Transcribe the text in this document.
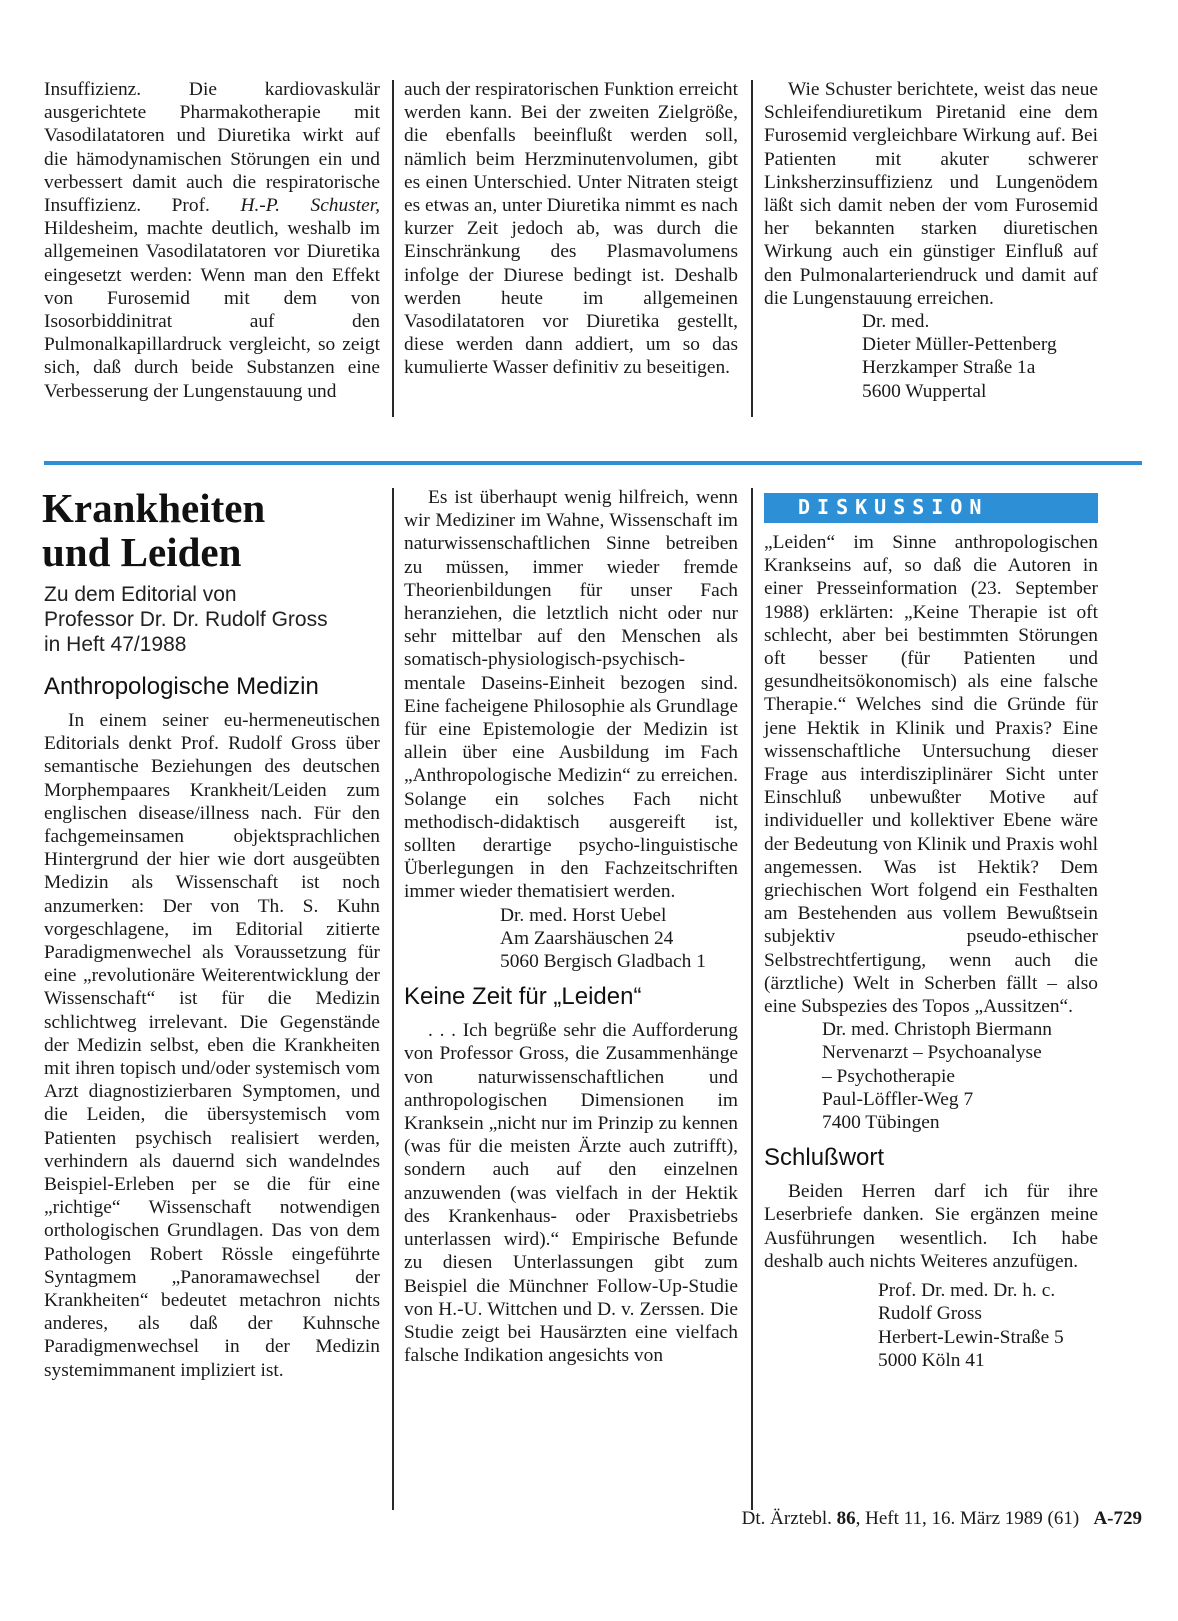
Insuffizienz. Die kardiovaskulär ausgerichtete Pharmakotherapie mit Vasodilatatoren und Diuretika wirkt auf die hämodynamischen Störungen ein und verbessert damit auch die respiratorische Insuffizienz. Prof. H.-P. Schuster, Hildesheim, machte deutlich, weshalb im allgemeinen Vasodilatatoren vor Diuretika eingesetzt werden: Wenn man den Effekt von Furosemid mit dem von Isosorbiddinitrat auf den Pulmonalkapillardruck vergleicht, so zeigt sich, daß durch beide Substanzen eine Verbesserung der Lungenstauung und
auch der respiratorischen Funktion erreicht werden kann. Bei der zweiten Zielgröße, die ebenfalls beeinflußt werden soll, nämlich beim Herzminutenvolumen, gibt es einen Unterschied. Unter Nitraten steigt es etwas an, unter Diuretika nimmt es nach kurzer Zeit jedoch ab, was durch die Einschränkung des Plasmavolumens infolge der Diurese bedingt ist. Deshalb werden heute im allgemeinen Vasodilatatoren vor Diuretika gestellt, diese werden dann addiert, um so das kumulierte Wasser definitiv zu beseitigen.
Wie Schuster berichtete, weist das neue Schleifendiuretikum Piretanid eine dem Furosemid vergleichbare Wirkung auf. Bei Patienten mit akuter schwerer Linksherzinsuffizienz und Lungenödem läßt sich damit neben der vom Furosemid her bekannten starken diuretischen Wirkung auch ein günstiger Einfluß auf den Pulmonalarteriendruck und damit auf die Lungenstauung erreichen.
Dr. med.
Dieter Müller-Pettenberg
Herzkamper Straße 1a
5600 Wuppertal
Krankheiten
und Leiden
Zu dem Editorial von
Professor Dr. Dr. Rudolf Gross
in Heft 47/1988
Anthropologische Medizin
In einem seiner eu-hermeneutischen Editorials denkt Prof. Rudolf Gross über semantische Beziehungen des deutschen Morphempaares Krankheit/Leiden zum englischen disease/illness nach. Für den fachgemeinsamen objektsprachlichen Hintergrund der hier wie dort ausgeübten Medizin als Wissenschaft ist noch anzumerken: Der von Th. S. Kuhn vorgeschlagene, im Editorial zitierte Paradigmenwechel als Voraussetzung für eine „revolutionäre Weiterentwicklung der Wissenschaft“ ist für die Medizin schlichtweg irrelevant. Die Gegenstände der Medizin selbst, eben die Krankheiten mit ihren topisch und/oder systemisch vom Arzt diagnostizierbaren Symptomen, und die Leiden, die übersystemisch vom Patienten psychisch realisiert werden, verhindern als dauernd sich wandelndes Beispiel-Erleben per se die für eine „richtige“ Wissenschaft notwendigen orthologischen Grundlagen. Das von dem Pathologen Robert Rössle eingeführte Syntagmem „Panoramawechsel der Krankheiten“ bedeutet metachron nichts anderes, als daß der Kuhnsche Paradigmenwechsel in der Medizin systemimmanent impliziert ist.
Es ist überhaupt wenig hilfreich, wenn wir Mediziner im Wahne, Wissenschaft im naturwissenschaftlichen Sinne betreiben zu müssen, immer wieder fremde Theorienbildungen für unser Fach heranziehen, die letztlich nicht oder nur sehr mittelbar auf den Menschen als somatisch-physiologisch-psychisch-mentale Daseins-Einheit bezogen sind. Eine facheigene Philosophie als Grundlage für eine Epistemologie der Medizin ist allein über eine Ausbildung im Fach „Anthropologische Medizin“ zu erreichen. Solange ein solches Fach nicht methodisch-didaktisch ausgereift ist, sollten derartige psycho-linguistische Überlegungen in den Fachzeitschriften immer wieder thematisiert werden.
Dr. med. Horst Uebel
Am Zaarshäuschen 24
5060 Bergisch Gladbach 1
Keine Zeit für „Leiden“
. . . Ich begrüße sehr die Aufforderung von Professor Gross, die Zusammenhänge von naturwissenschaftlichen und anthropologischen Dimensionen im Kranksein „nicht nur im Prinzip zu kennen (was für die meisten Ärzte auch zutrifft), sondern auch auf den einzelnen anzuwenden (was vielfach in der Hektik des Krankenhaus- oder Praxisbetriebs unterlassen wird).“ Empirische Befunde zu diesen Unterlassungen gibt zum Beispiel die Münchner Follow-Up-Studie von H.-U. Wittchen und D. v. Zerssen. Die Studie zeigt bei Hausärzten eine vielfach falsche Indikation angesichts von
DISKUSSION
„Leiden“ im Sinne anthropologischen Krankseins auf, so daß die Autoren in einer Presseinformation (23. September 1988) erklärten: „Keine Therapie ist oft schlecht, aber bei bestimmten Störungen oft besser (für Patienten und gesundheitsökonomisch) als eine falsche Therapie.“ Welches sind die Gründe für jene Hektik in Klinik und Praxis? Eine wissenschaftliche Untersuchung dieser Frage aus interdisziplinärer Sicht unter Einschluß unbewußter Motive auf individueller und kollektiver Ebene wäre der Bedeutung von Klinik und Praxis wohl angemessen. Was ist Hektik? Dem griechischen Wort folgend ein Festhalten am Bestehenden aus vollem Bewußtsein subjektiv pseudo-ethischer Selbstrechtfertigung, wenn auch die (ärztliche) Welt in Scherben fällt – also eine Subspezies des Topos „Aussitzen“.
Dr. med. Christoph Biermann
Nervenarzt – Psychoanalyse
– Psychotherapie
Paul-Löffler-Weg 7
7400 Tübingen
Schlußwort
Beiden Herren darf ich für ihre Leserbriefe danken. Sie ergänzen meine Ausführungen wesentlich. Ich habe deshalb auch nichts Weiteres anzufügen.
Prof. Dr. med. Dr. h. c.
Rudolf Gross
Herbert-Lewin-Straße 5
5000 Köln 41
Dt. Ärztebl. 86, Heft 11, 16. März 1989 (61) A-729
